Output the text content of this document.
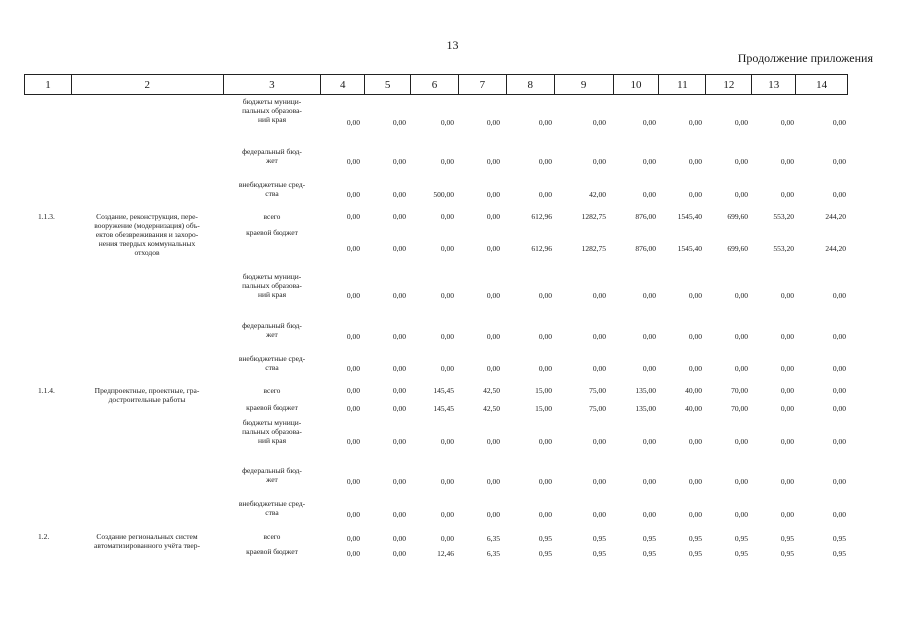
13
Продолжение приложения
1	2	3	4	5	6	7	8	9	10	11	12	13	14
бюджеты муници-
пальных образова-
ний края	0,00	0,00	0,00	0,00	0,00	0,00	0,00	0,00	0,00	0,00	0,00
федеральный бюд-
жет	0,00	0,00	0,00	0,00	0,00	0,00	0,00	0,00	0,00	0,00	0,00
внебюджетные сред-
ства	0,00	0,00	500,00	0,00	0,00	42,00	0,00	0,00	0,00	0,00	0,00
1.1.3.	Создание, реконструкция, пере-
вооружение (модернизация) объ-
ектов обезвреживания и захоро-
нения твердых коммунальных
отходов
всего	0,00	0,00	0,00	0,00	612,96	1282,75	876,00	1545,40	699,60	553,20	244,20
краевой бюджет
0,00	0,00	0,00	0,00	612,96	1282,75	876,00	1545,40	699,60	553,20	244,20
бюджеты муници-
пальных образова-
ний края	0,00	0,00	0,00	0,00	0,00	0,00	0,00	0,00	0,00	0,00	0,00
федеральный бюд-
жет	0,00	0,00	0,00	0,00	0,00	0,00	0,00	0,00	0,00	0,00	0,00
внебюджетные сред-
ства	0,00	0,00	0,00	0,00	0,00	0,00	0,00	0,00	0,00	0,00	0,00
1.1.4.	Предпроектные, проектные, гра-
достроительные работы
всего	0,00	0,00	145,45	42,50	15,00	75,00	135,00	40,00	70,00	0,00	0,00
краевой бюджет	0,00	0,00	145,45	42,50	15,00	75,00	135,00	40,00	70,00	0,00	0,00
бюджеты муници-
пальных образова-
ний края	0,00	0,00	0,00	0,00	0,00	0,00	0,00	0,00	0,00	0,00	0,00
федеральный бюд-
жет	0,00	0,00	0,00	0,00	0,00	0,00	0,00	0,00	0,00	0,00	0,00
внебюджетные сред-
ства	0,00	0,00	0,00	0,00	0,00	0,00	0,00	0,00	0,00	0,00	0,00
1.2.	Создание региональных систем
автоматизированного учёта твер-
всего	0,00	0,00	0,00	6,35	0,95	0,95	0,95	0,95	0,95	0,95	0,95
краевой бюджет	0,00	0,00	12,46	6,35	0,95	0,95	0,95	0,95	0,95	0,95	0,95
